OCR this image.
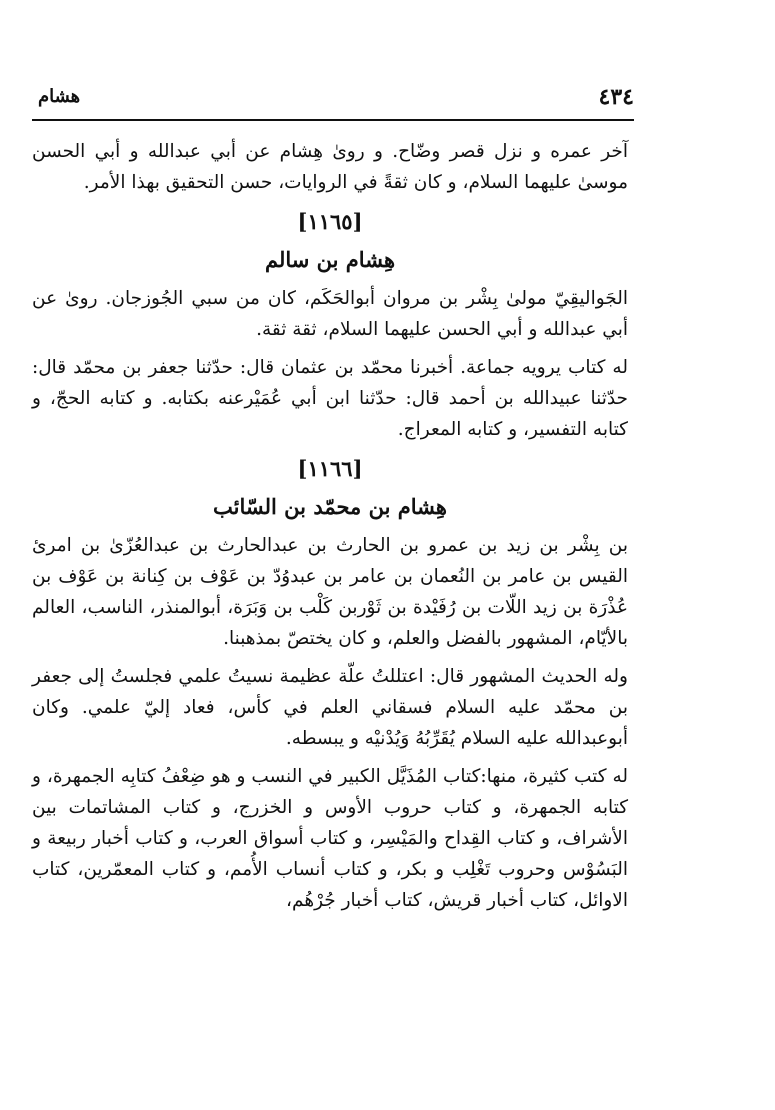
٤٣٤
هشام

آخر عمره و نزل قصر وضّاح. و روىٰ هِشام عن أبي عبدالله و أبي الحسن موسىٰ عليهما السلام، و كان ثقةً في الروايات، حسن التحقيق بهذا الأمر.

[١١٦٥]
هِشام بن سالم

الجَواليقِيّ مولىٰ بِشْر بن مروان أبوالحَكَم، كان من سبي الجُوزجان. روىٰ عن أبي عبدالله و أبي الحسن عليهما السلام، ثقة ثقة.

له كتاب يرويه جماعة. أخبرنا محمّد بن عثمان قال: حدّثنا جعفر بن محمّد قال: حدّثنا عبيدالله بن أحمد قال: حدّثنا ابن أبي عُمَيْرعنه بكتابه. و كتابه الحجّ، و كتابه التفسير، و كتابه المعراج.

[١١٦٦]
هِشام بن محمّد بن السّائب

بن بِشْر بن زيد بن عمرو بن الحارث بن عبدالحارث بن عبدالعُزّىٰ بن امرئ القيس بن عامر بن النُعمان بن عامر بن عبدوُدّ بن عَوْف بن كِنانة بن عَوْف بن عُذْرَة بن زيد اللّات بن رُفَيْدة بن ثَوْربن كَلْب بن وَبَرَة، أبوالمنذر، الناسب، العالم بالأيّام، المشهور بالفضل والعلم، و كان يختصّ بمذهبنا.

وله الحديث المشهور قال: اعتللتُ علّة عظيمة نسيتُ علمي فجلستُ إلى جعفر بن محمّد عليه السلام فسقاني العلم في كأس، فعاد إليّ علمي. وكان أبوعبدالله عليه السلام يُقَرِّبُهُ وَيُدْنيْه و يبسطه.

له كتب كثيرة، منها:كتاب المُذَيَّل الكبير في النسب و هو ضِعْفُ كتابِه الجمهرة، و كتابه الجمهرة، و كتاب حروب الأوس و الخزرج، و كتاب المشاتمات بين الأشراف، و كتاب القِداح والمَيْسِر، و كتاب أسواق العرب، و كتاب أخبار ربيعة و البَسُوْس وحروب تَغْلِب و بكر، و كتاب أنساب الأُمم، و كتاب المعمّرين، كتاب الاوائل، كتاب أخبار قريش، كتاب أخبار جُرْهُم،
